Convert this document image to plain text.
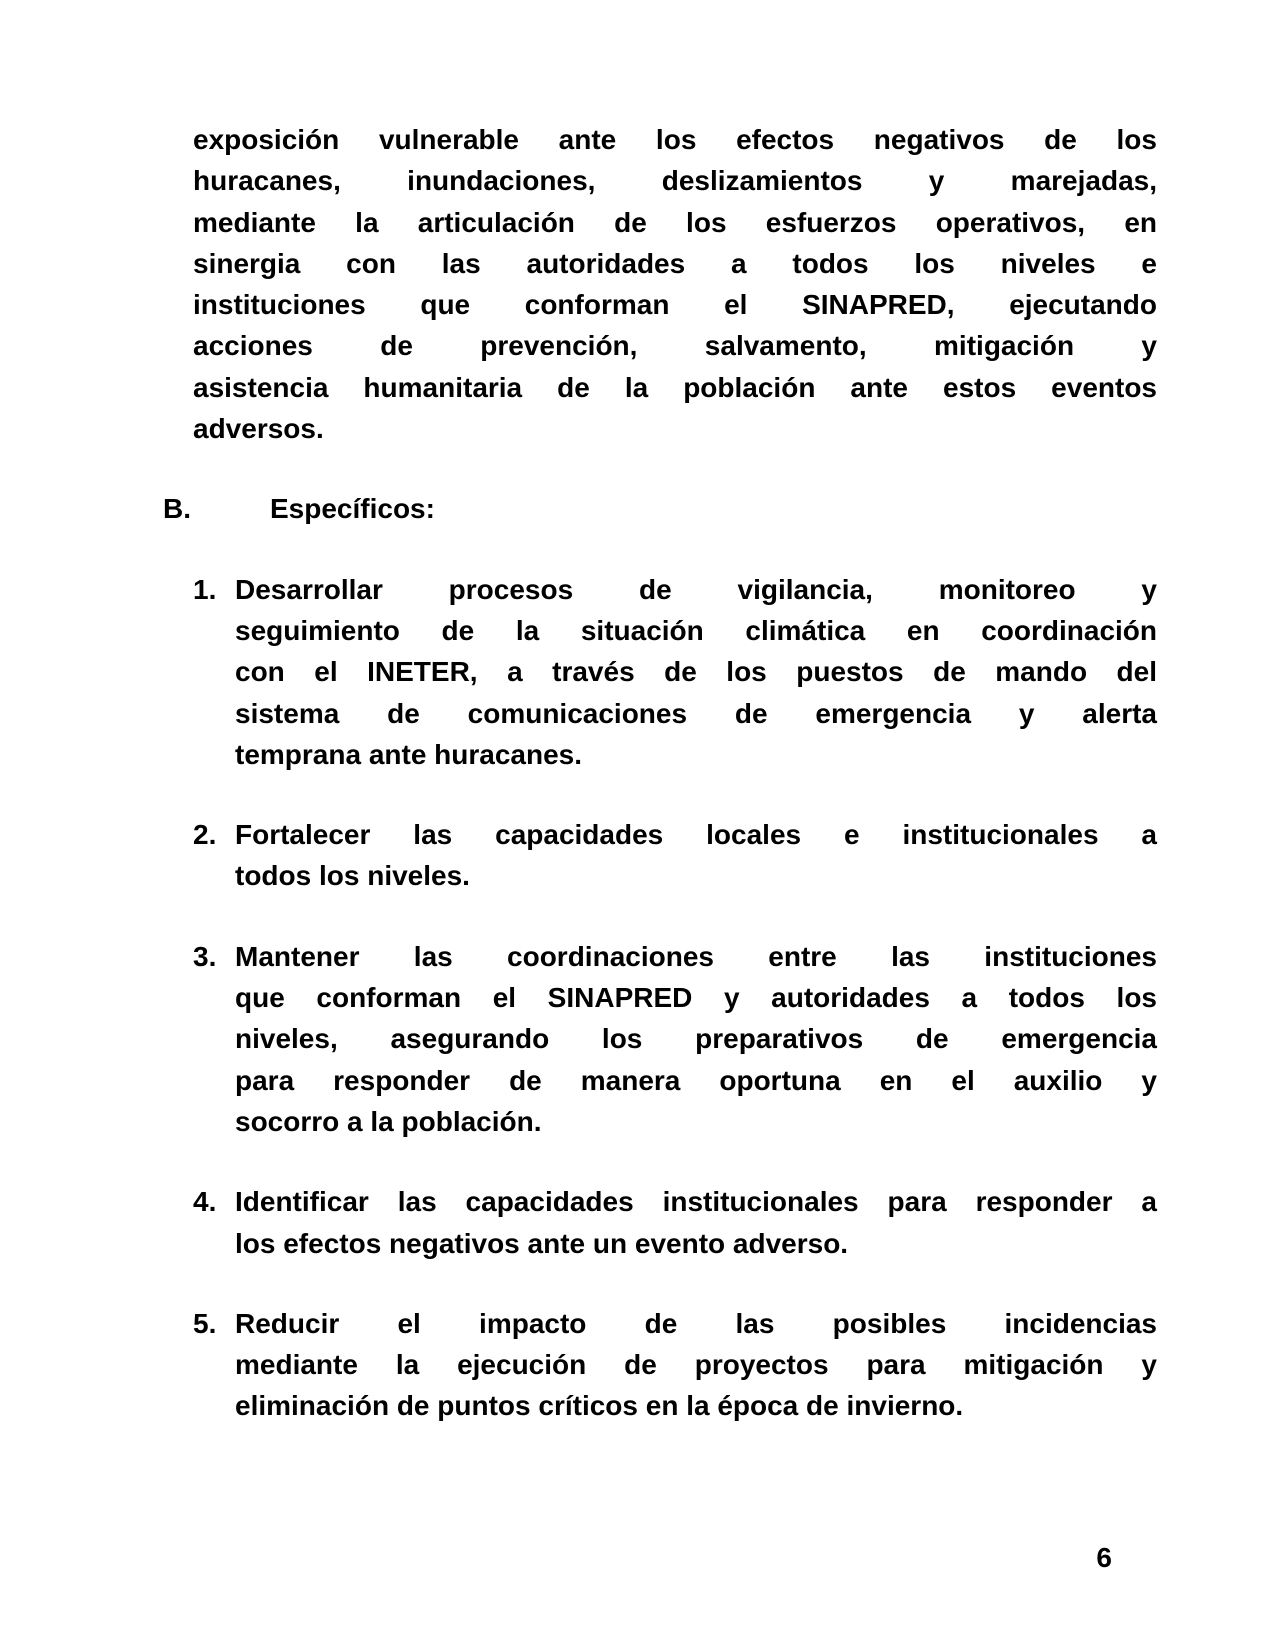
exposición vulnerable ante los efectos negativos de los
huracanes, inundaciones, deslizamientos y marejadas,
mediante la articulación de los esfuerzos operativos, en
sinergia con las autoridades a todos los niveles e
instituciones que conforman el SINAPRED, ejecutando
acciones de prevención, salvamento, mitigación y
asistencia humanitaria de la población ante estos eventos
adversos.
B.	Específicos:
1. Desarrollar procesos de vigilancia, monitoreo y
seguimiento de la situación climática en coordinación
con el INETER, a través de los puestos de mando del
sistema de comunicaciones de emergencia y alerta
temprana ante huracanes.
2. Fortalecer las capacidades locales e institucionales a
todos los niveles.
3. Mantener las coordinaciones entre las instituciones
que conforman el SINAPRED y autoridades a todos los
niveles, asegurando los preparativos de emergencia
para responder de manera oportuna en el auxilio y
socorro a la población.
4. Identificar las capacidades institucionales para responder a
los efectos negativos ante un evento adverso.
5. Reducir el impacto de las posibles incidencias
mediante la ejecución de proyectos para mitigación y
eliminación de puntos críticos en la época de invierno.
6
